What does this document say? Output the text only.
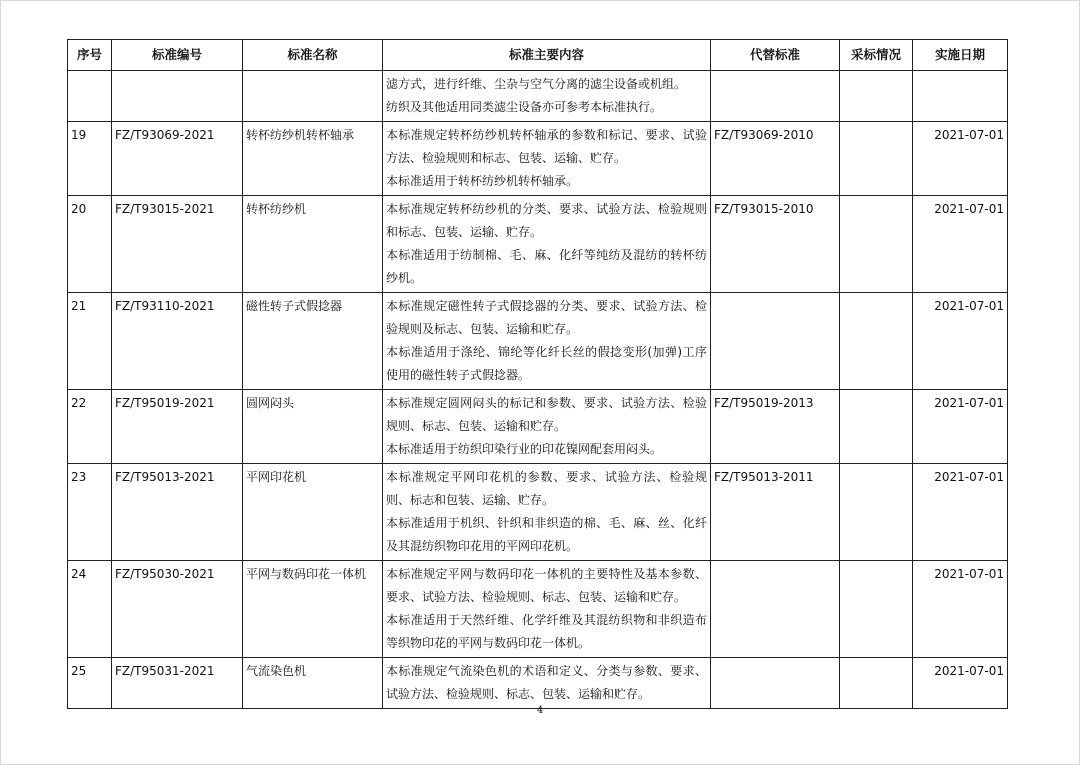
序号	标准编号	标准名称	标准主要内容	代替标准	采标情况	实施日期

			滤方式，进行纤维、尘杂与空气分离的滤尘设备或机组。
纺织及其他适用同类滤尘设备亦可参考本标准执行。			

19	FZ/T93069-2021	转杯纺纱机转杯轴承	本标准规定转杯纺纱机转杯轴承的参数和标记、要求、试验方法、检验规则和标志、包装、运输、贮存。
本标准适用于转杯纺纱机转杯轴承。	FZ/T93069-2010		2021-07-01
20	FZ/T93015-2021	转杯纺纱机	本标准规定转杯纺纱机的分类、要求、试验方法、检验规则和标志、包装、运输、贮存。
本标准适用于纺制棉、毛、麻、化纤等纯纺及混纺的转杯纺纱机。	FZ/T93015-2010		2021-07-01
21	FZ/T93110-2021	磁性转子式假捻器	本标准规定磁性转子式假捻器的分类、要求、试验方法、检验规则及标志、包装、运输和贮存。
本标准适用于涤纶、锦纶等化纤长丝的假捻变形(加弹)工序使用的磁性转子式假捻器。			2021-07-01
22	FZ/T95019-2021	圆网闷头	本标准规定圆网闷头的标记和参数、要求、试验方法、检验规则、标志、包装、运输和贮存。
本标准适用于纺织印染行业的印花镍网配套用闷头。	FZ/T95019-2013		2021-07-01
23	FZ/T95013-2021	平网印花机	本标准规定平网印花机的参数、要求、试验方法、检验规则、标志和包装、运输、贮存。
本标准适用于机织、针织和非织造的棉、毛、麻、丝、化纤及其混纺织物印花用的平网印花机。	FZ/T95013-2011		2021-07-01
24	FZ/T95030-2021	平网与数码印花一体机	本标准规定平网与数码印花一体机的主要特性及基本参数、要求、试验方法、检验规则、标志、包装、运输和贮存。
本标准适用于天然纤维、化学纤维及其混纺织物和非织造布等织物印花的平网与数码印花一体机。			2021-07-01
25	FZ/T95031-2021	气流染色机	本标准规定气流染色机的术语和定义、分类与参数、要求、试验方法、检验规则、标志、包装、运输和贮存。			2021-07-01
4
